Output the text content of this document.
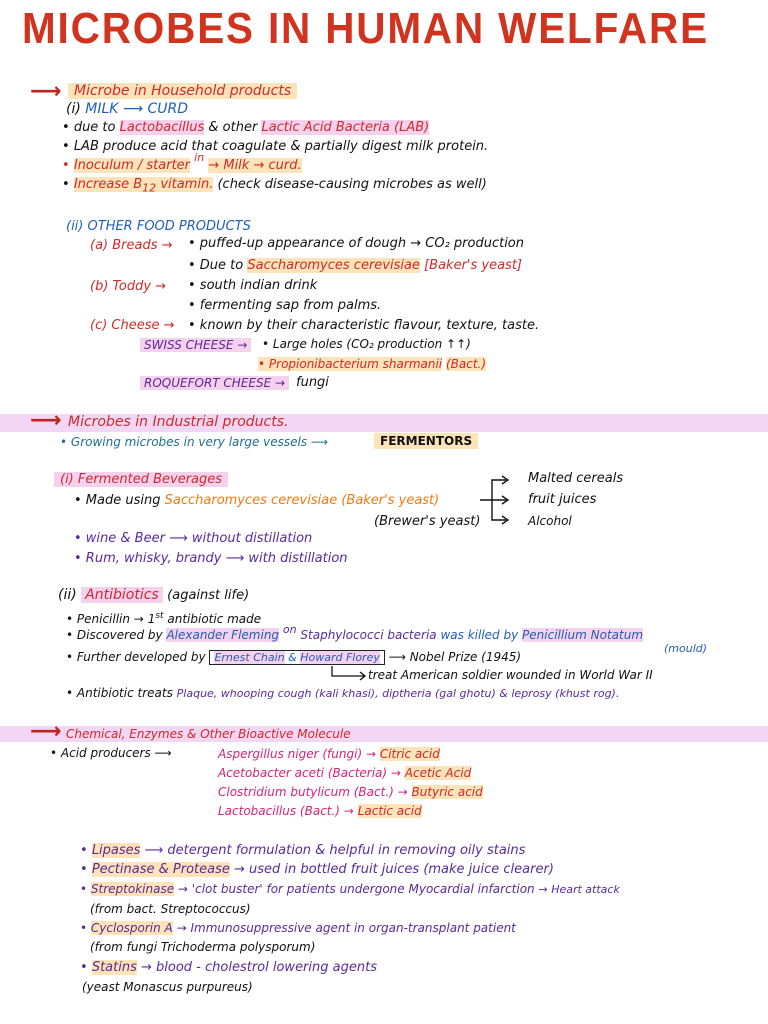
MICROBES IN HUMAN WELFARE
⟶ Microbe in Household products
(i) MILK ⟶ CURD
• due to Lactobacillus & other Lactic Acid Bacteria (LAB)
• LAB produce acid that coagulate & partially digest milk protein.
• Inoculum / starter $^{in}$ → Milk → curd.
• Increase $B_{12}$ vitamin. (check disease-causing microbes as well)
(ii) OTHER FOOD PRODUCTS
(a) Breads → • puffed-up appearance of dough → CO₂ production
• Due to Saccharomyces cerevisiae [Baker's yeast]
(b) Toddy → • south indian drink
• fermenting sap from palms.
(c) Cheese → • known by their characteristic flavour, texture, taste.
SWISS CHEESE →	• Large holes (CO₂ production ↑↑)
• Propionibacterium sharmanii (Bact.)
ROQUEFORT CHEESE → fungi
⟶ Microbes in Industrial products.
• Growing microbes in very large vessels ⟶	FERMENTORS
(i) Fermented Beverages
• Made using Saccharomyces cerevisiae (Baker's yeast)
(Brewer's yeast)
Malted cereals
fruit juices
Alcohol
• wine & Beer ⟶ without distillation
• Rum, whisky, brandy ⟶ with distillation
(ii) Antibiotics (against life)
• Penicillin → 1st antibiotic made
• Discovered by Alexander Fleming on Staphylococci bacteria was killed by Penicillium Notatum
(mould)
• Further developed by Ernest Chain & Howard Florey ⟶ Nobel Prize (1945)
treat American soldier wounded in World War II
• Antibiotic treats Plaque, whooping cough (kali khasi), diptheria (gal ghotu) & leprosy (khust rog).
⟶ Chemical, Enzymes & Other Bioactive Molecule
• Acid producers ⟶	Aspergillus niger (fungi) → Citric acid
Acetobacter aceti (Bacteria) → Acetic Acid
Clostridium butylicum (Bact.) → Butyric acid
Lactobacillus (Bact.) → Lactic acid
• Lipases ⟶ detergent formulation & helpful in removing oily stains
• Pectinase & Protease → used in bottled fruit juices (make juice clearer)
• Streptokinase → 'clot buster' for patients undergone Myocardial infarction → Heart attack
(from bact. Streptococcus)
• Cyclosporin A → Immunosuppressive agent in organ-transplant patient
(from fungi Trichoderma polysporum)
• Statins → blood - cholestrol lowering agents
(yeast Monascus purpureus)
